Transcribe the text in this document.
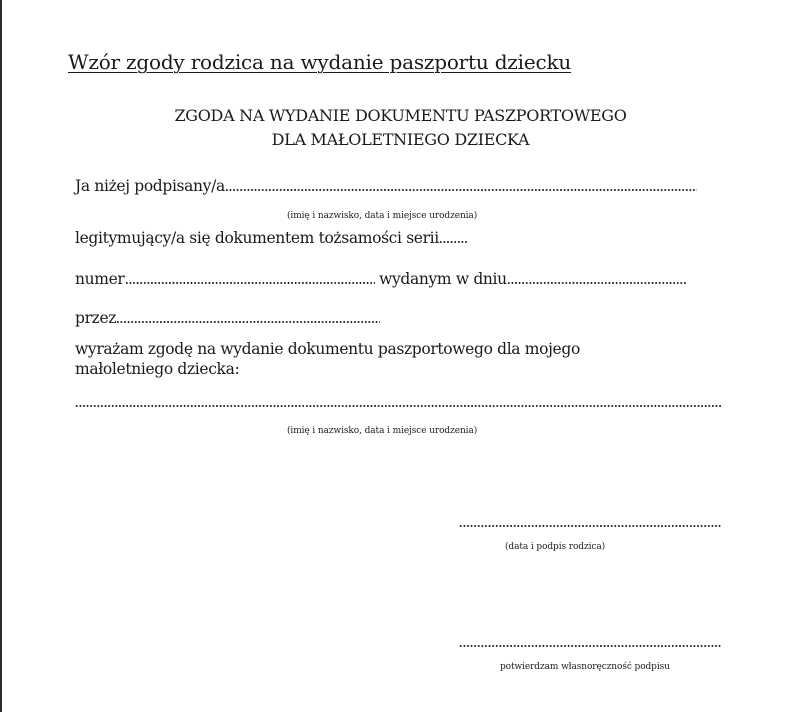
Wzór zgody rodzica na wydanie paszportu dziecku
ZGODA NA WYDANIE DOKUMENTU PASZPORTOWEGO
DLA MAŁOLETNIEGO DZIECKA
Ja niżej podpisany/a
(imię i nazwisko, data i miejsce urodzenia)
legitymujący/a się dokumentem tożsamości serii
numer	wydanym w dniu
przez
wyrażam zgodę na wydanie dokumentu paszportowego dla mojego
małoletniego dziecka:
(imię i nazwisko, data i miejsce urodzenia)
(data i podpis rodzica)
potwierdzam własnoręczność podpisu
